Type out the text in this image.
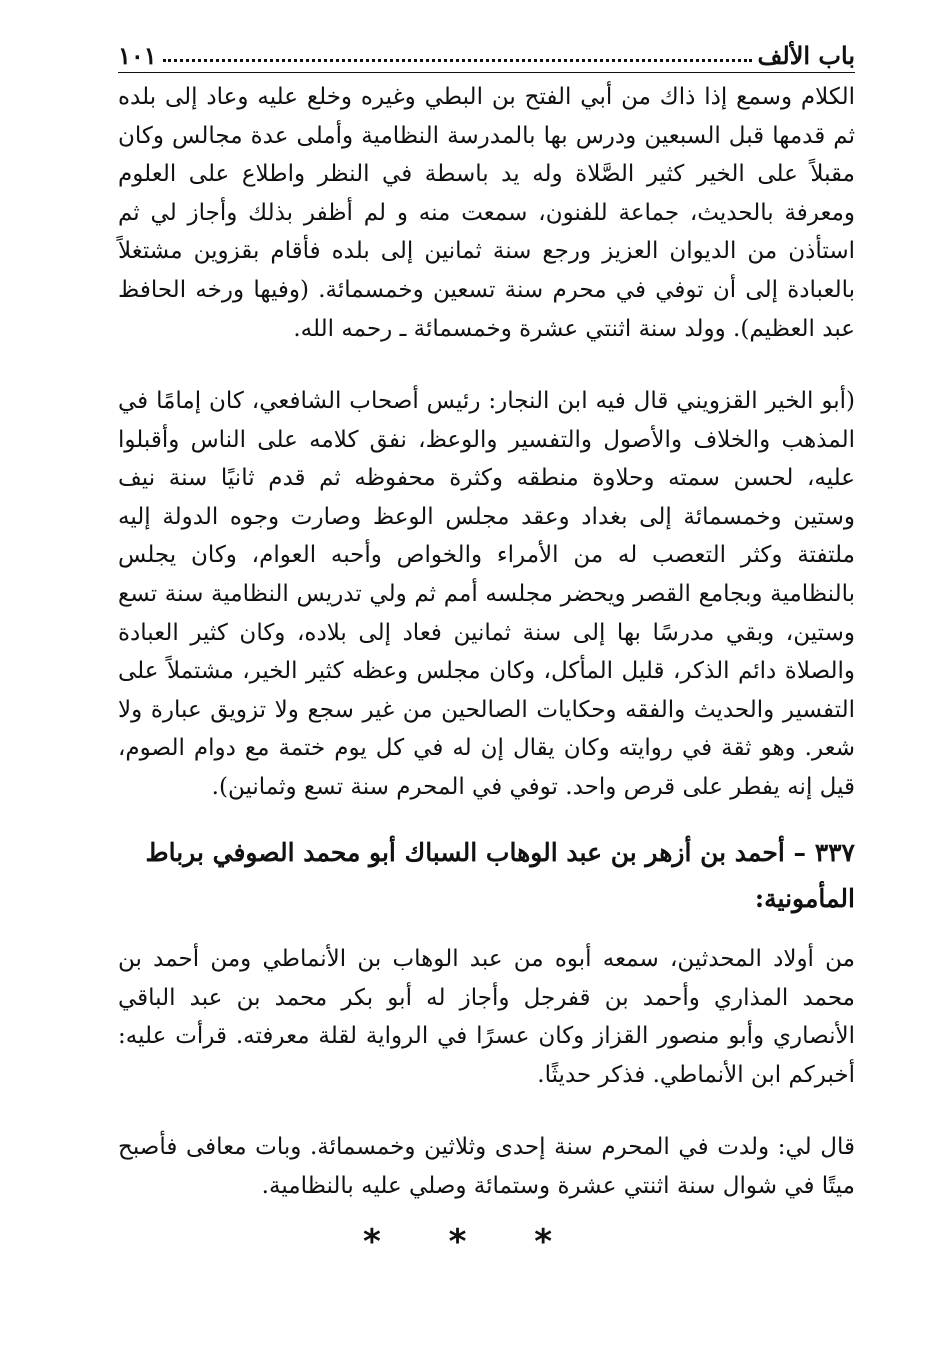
باب الألف
١٠١

الكلام وسمع إذا ذاك من أبي الفتح بن البطي وغيره وخلع عليه وعاد إلى بلده ثم قدمها قبل السبعين ودرس بها بالمدرسة النظامية وأملى عدة مجالس وكان مقبلاً على الخير كثير الصَّلاة وله يد باسطة في النظر واطلاع على العلوم ومعرفة بالحديث، جماعة للفنون، سمعت منه و لم أظفر بذلك وأجاز لي ثم استأذن من الديوان العزيز ورجع سنة ثمانين إلى بلده فأقام بقزوين مشتغلاً بالعبادة إلى أن توفي في محرم سنة تسعين وخمسمائة. (وفيها ورخه الحافظ عبد العظيم). وولد سنة اثنتي عشرة وخمسمائة ـ رحمه الله.

(أبو الخير القزويني قال فيه ابن النجار: رئيس أصحاب الشافعي، كان إمامًا في المذهب والخلاف والأصول والتفسير والوعظ، نفق كلامه على الناس وأقبلوا عليه، لحسن سمته وحلاوة منطقه وكثرة محفوظه ثم قدم ثانيًا سنة نيف وستين وخمسمائة إلى بغداد وعقد مجلس الوعظ وصارت وجوه الدولة إليه ملتفتة وكثر التعصب له من الأمراء والخواص وأحبه العوام، وكان يجلس بالنظامية وبجامع القصر ويحضر مجلسه أمم ثم ولي تدريس النظامية سنة تسع وستين، وبقي مدرسًا بها إلى سنة ثمانين فعاد إلى بلاده، وكان كثير العبادة والصلاة دائم الذكر، قليل المأكل، وكان مجلس وعظه كثير الخير، مشتملاً على التفسير والحديث والفقه وحكايات الصالحين من غير سجع ولا تزويق عبارة ولا شعر. وهو ثقة في روايته وكان يقال إن له في كل يوم ختمة مع دوام الصوم، قيل إنه يفطر على قرص واحد. توفي في المحرم سنة تسع وثمانين).

٣٣٧ – أحمد بن أزهر بن عبد الوهاب السباك أبو محمد الصوفي برباط المأمونية:

من أولاد المحدثين، سمعه أبوه من عبد الوهاب بن الأنماطي ومن أحمد بن محمد المذاري وأحمد بن قفرجل وأجاز له أبو بكر محمد بن عبد الباقي الأنصاري وأبو منصور القزاز وكان عسرًا في الرواية لقلة معرفته. قرأت عليه: أخبركم ابن الأنماطي. فذكر حديثًا.

قال لي: ولدت في المحرم سنة إحدى وثلاثين وخمسمائة. وبات معافى فأصبح ميتًا في شوال سنة اثنتي عشرة وستمائة وصلي عليه بالنظامية.

* * *
